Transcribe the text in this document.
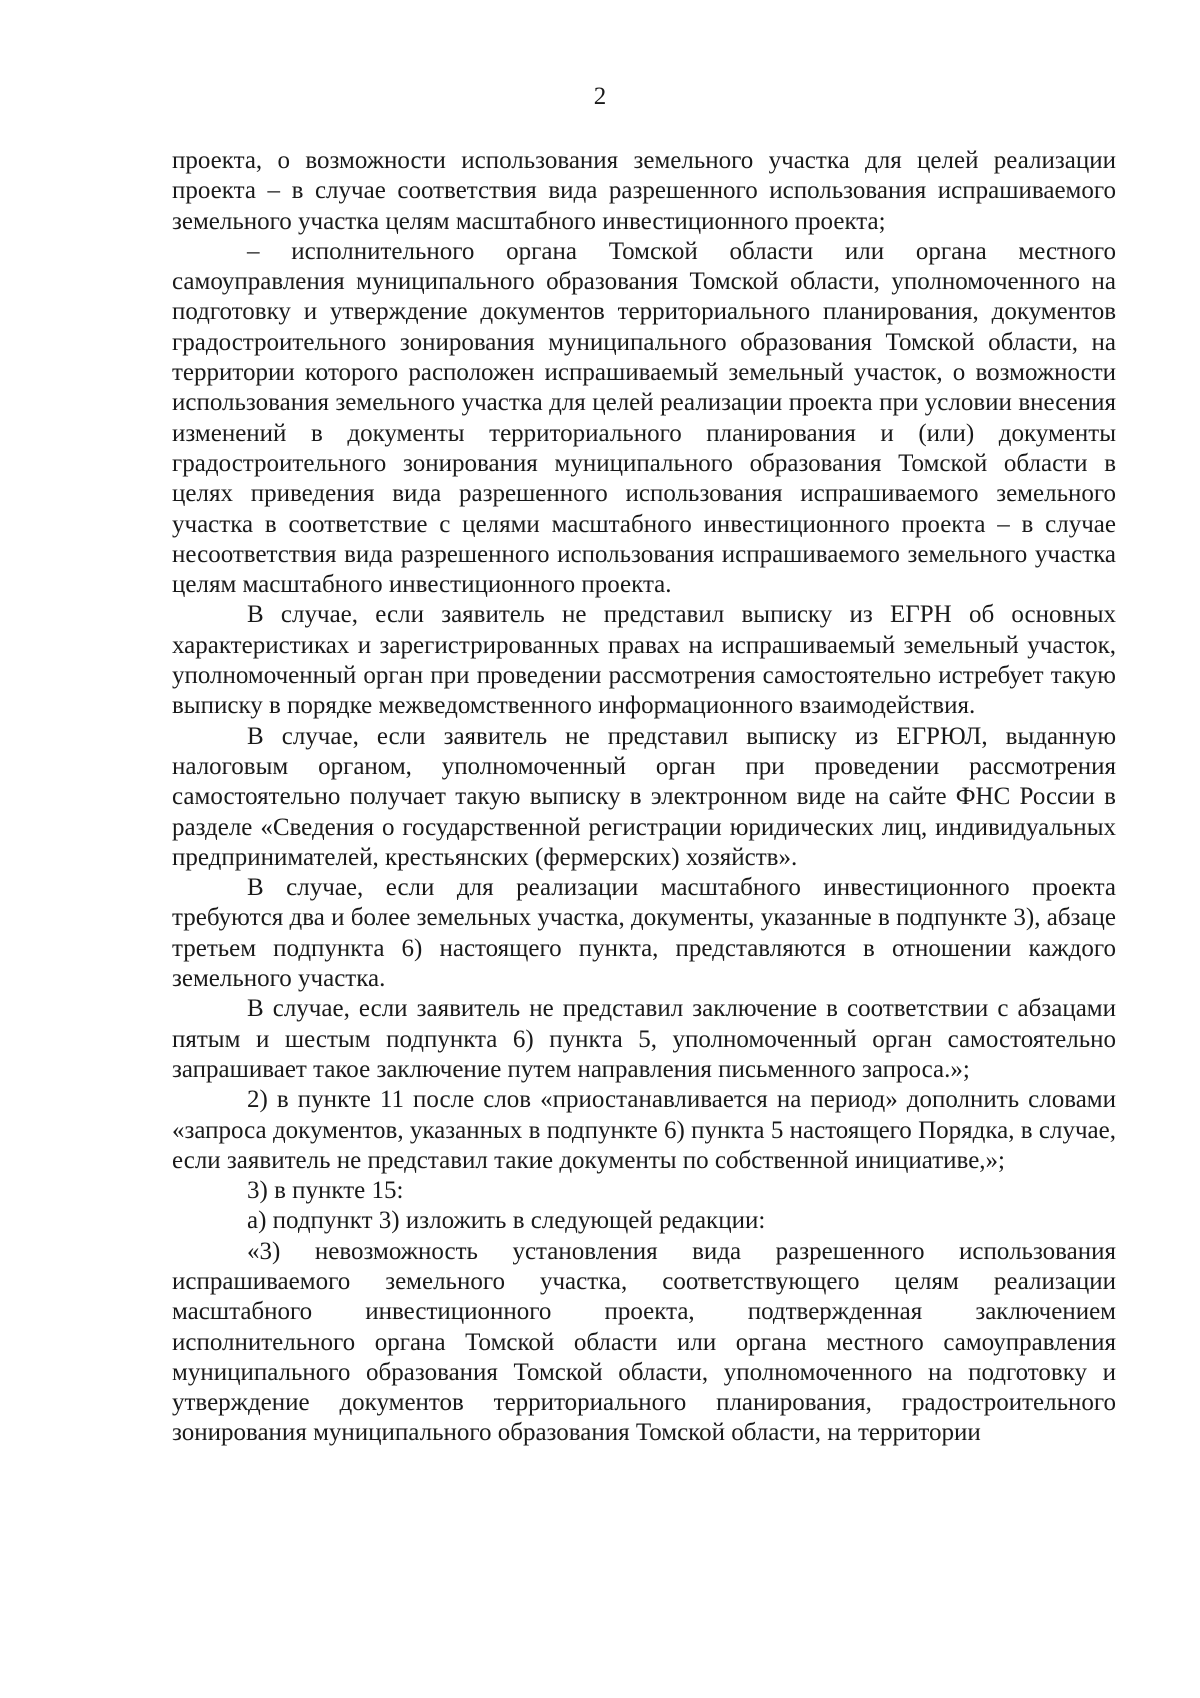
2

проекта, о возможности использования земельного участка для целей реализации проекта – в случае соответствия вида разрешенного использования испрашиваемого земельного участка целям масштабного инвестиционного проекта;

– исполнительного органа Томской области или органа местного самоуправления муниципального образования Томской области, уполномоченного на подготовку и утверждение документов территориального планирования, документов градостроительного зонирования муниципального образования Томской области, на территории которого расположен испрашиваемый земельный участок, о возможности использования земельного участка для целей реализации проекта при условии внесения изменений в документы территориального планирования и (или) документы градостроительного зонирования муниципального образования Томской области в целях приведения вида разрешенного использования испрашиваемого земельного участка в соответствие с целями масштабного инвестиционного проекта – в случае несоответствия вида разрешенного использования испрашиваемого земельного участка целям масштабного инвестиционного проекта.

В случае, если заявитель не представил выписку из ЕГРН об основных характеристиках и зарегистрированных правах на испрашиваемый земельный участок, уполномоченный орган при проведении рассмотрения самостоятельно истребует такую выписку в порядке межведомственного информационного взаимодействия.

В случае, если заявитель не представил выписку из ЕГРЮЛ, выданную налоговым органом, уполномоченный орган при проведении рассмотрения самостоятельно получает такую выписку в электронном виде на сайте ФНС России в разделе «Сведения о государственной регистрации юридических лиц, индивидуальных предпринимателей, крестьянских (фермерских) хозяйств».

В случае, если для реализации масштабного инвестиционного проекта требуются два и более земельных участка, документы, указанные в подпункте 3), абзаце третьем подпункта 6) настоящего пункта, представляются в отношении каждого земельного участка.

В случае, если заявитель не представил заключение в соответствии с абзацами пятым и шестым подпункта 6) пункта 5, уполномоченный орган самостоятельно запрашивает такое заключение путем направления письменного запроса.»;

2) в пункте 11 после слов «приостанавливается на период» дополнить словами «запроса документов, указанных в подпункте 6) пункта 5 настоящего Порядка, в случае, если заявитель не представил такие документы по собственной инициативе,»;

3) в пункте 15:

а) подпункт 3) изложить в следующей редакции:

«3) невозможность установления вида разрешенного использования испрашиваемого земельного участка, соответствующего целям реализации масштабного инвестиционного проекта, подтвержденная заключением исполнительного органа Томской области или органа местного самоуправления муниципального образования Томской области, уполномоченного на подготовку и утверждение документов территориального планирования, градостроительного зонирования муниципального образования Томской области, на территории
